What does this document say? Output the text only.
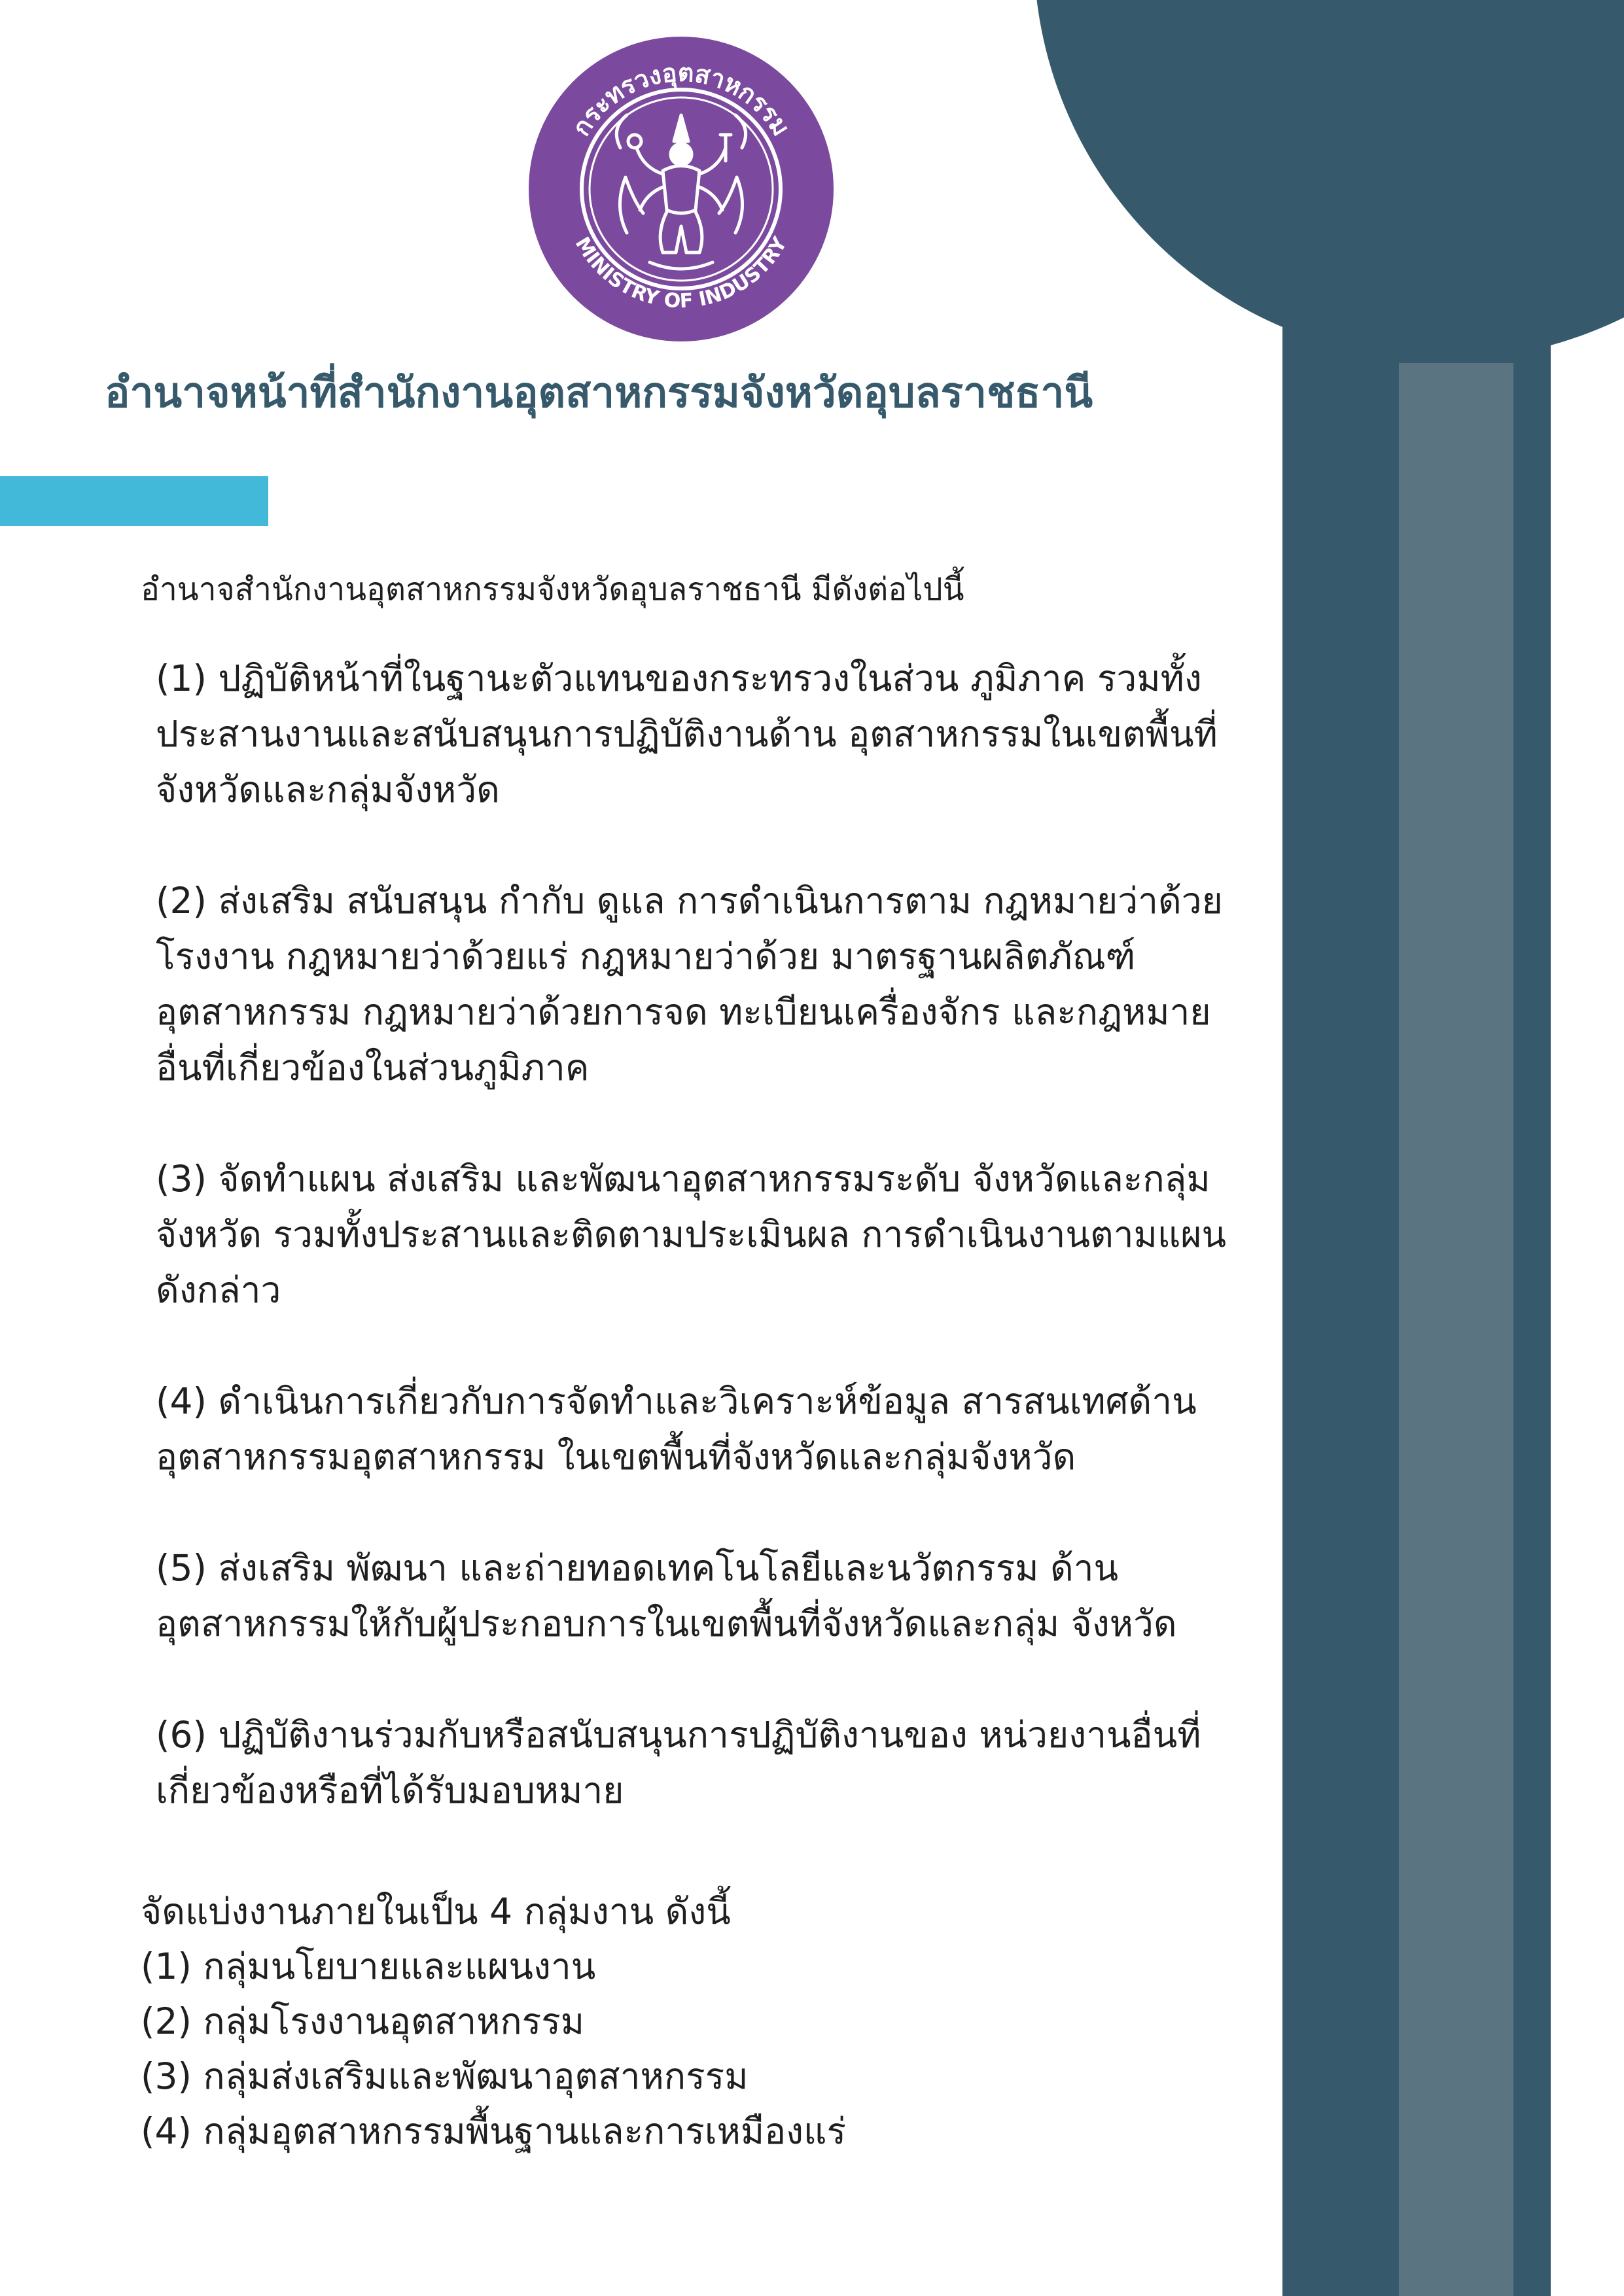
กระทรวงอุตสาหกรรม
MINISTRY OF INDUSTRY
อำนาจหน้าที่สำนักงานอุตสาหกรรมจังหวัดอุบลราชธานี

อำนาจสำนักงานอุตสาหกรรมจังหวัดอุบลราชธานี มีดังต่อไปนี้

(1) ปฏิบัติหน้าที่ในฐานะตัวแทนของกระทรวงในส่วน ภูมิภาค รวมทั้งประสานงานและสนับสนุนการปฏิบัติงานด้าน อุตสาหกรรมในเขตพื้นที่จังหวัดและกลุ่มจังหวัด
(2) ส่งเสริม สนับสนุน กำกับ ดูแล การดำเนินการตาม กฎหมายว่าด้วยโรงงาน กฎหมายว่าด้วยแร่ กฎหมายว่าด้วย มาตรฐานผลิตภัณฑ์อุตสาหกรรม กฎหมายว่าด้วยการจด ทะเบียนเครื่องจักร และกฎหมายอื่นที่เกี่ยวข้องในส่วนภูมิภาค
(3) จัดทำแผน ส่งเสริม และพัฒนาอุตสาหกรรมระดับ จังหวัดและกลุ่มจังหวัด รวมทั้งประสานและติดตามประเมินผล การดำเนินงานตามแผนดังกล่าว
(4) ดำเนินการเกี่ยวกับการจัดทำและวิเคราะห์ข้อมูล สารสนเทศด้านอุตสาหกรรมอุตสาหกรรม ในเขตพื้นที่จังหวัดและกลุ่มจังหวัด
(5) ส่งเสริม พัฒนา และถ่ายทอดเทคโนโลยีและนวัตกรรม ด้านอุตสาหกรรมให้กับผู้ประกอบการในเขตพื้นที่จังหวัดและกลุ่ม จังหวัด
(6) ปฏิบัติงานร่วมกับหรือสนับสนุนการปฏิบัติงานของ หน่วยงานอื่นที่เกี่ยวข้องหรือที่ได้รับมอบหมาย

จัดแบ่งงานภายในเป็น 4 กลุ่มงาน ดังนี้

(1) กลุ่มนโยบายและแผนงาน
(2) กลุ่มโรงงานอุตสาหกรรม
(3) กลุ่มส่งเสริมและพัฒนาอุตสาหกรรม
(4) กลุ่มอุตสาหกรรมพื้นฐานและการเหมืองแร่
